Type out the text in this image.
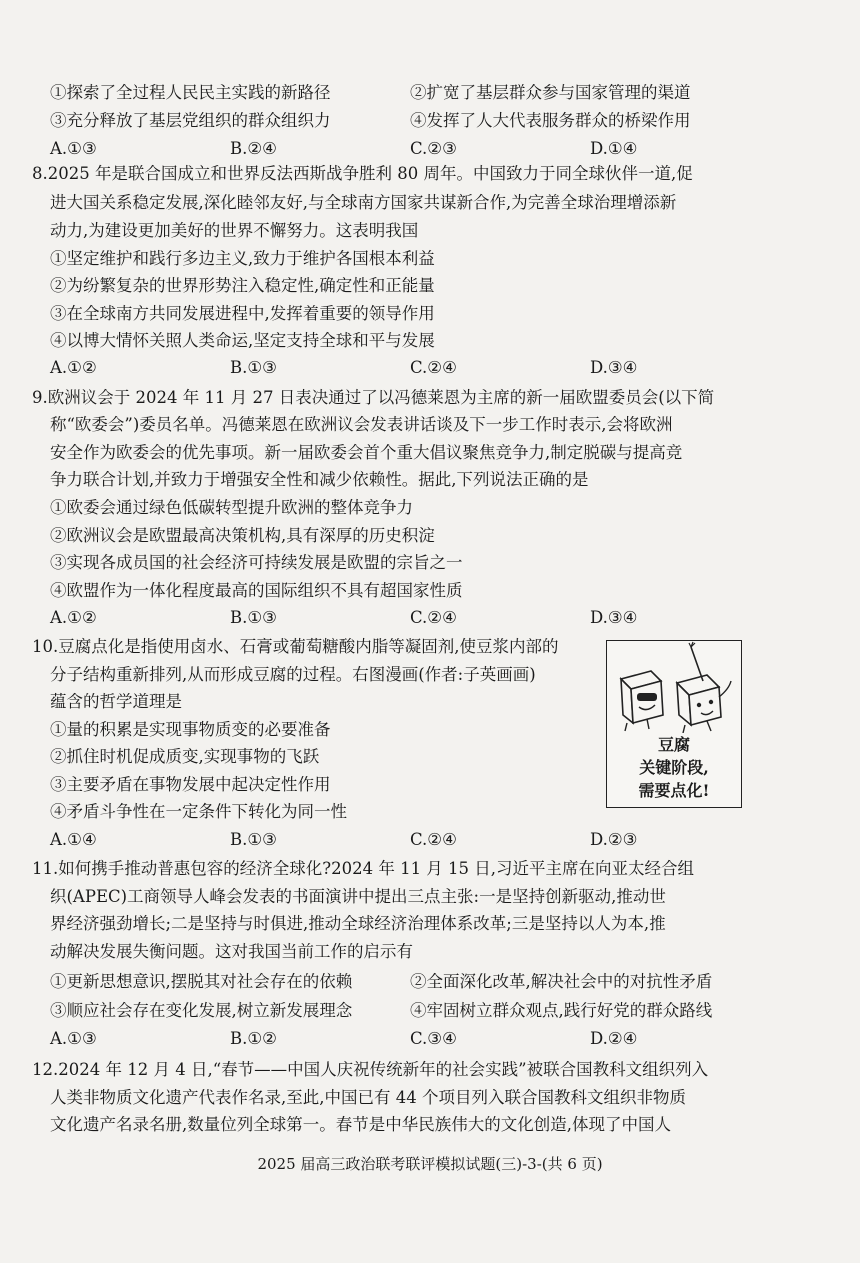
①探索了全过程人民民主实践的新路径	②扩宽了基层群众参与国家管理的渠道
③充分释放了基层党组织的群众组织力	④发挥了人大代表服务群众的桥梁作用
A.①③	B.②④	C.②③	D.①④
8.2025 年是联合国成立和世界反法西斯战争胜利 80 周年。中国致力于同全球伙伴一道,促
进大国关系稳定发展,深化睦邻友好,与全球南方国家共谋新合作,为完善全球治理增添新
动力,为建设更加美好的世界不懈努力。这表明我国
①坚定维护和践行多边主义,致力于维护各国根本利益
②为纷繁复杂的世界形势注入稳定性,确定性和正能量
③在全球南方共同发展进程中,发挥着重要的领导作用
④以博大情怀关照人类命运,坚定支持全球和平与发展
A.①②	B.①③	C.②④	D.③④
9.欧洲议会于 2024 年 11 月 27 日表决通过了以冯德莱恩为主席的新一届欧盟委员会(以下简
称“欧委会”)委员名单。冯德莱恩在欧洲议会发表讲话谈及下一步工作时表示,会将欧洲
安全作为欧委会的优先事项。新一届欧委会首个重大倡议聚焦竞争力,制定脱碳与提高竞
争力联合计划,并致力于增强安全性和减少依赖性。据此,下列说法正确的是
①欧委会通过绿色低碳转型提升欧洲的整体竞争力
②欧洲议会是欧盟最高决策机构,具有深厚的历史积淀
③实现各成员国的社会经济可持续发展是欧盟的宗旨之一
④欧盟作为一体化程度最高的国际组织不具有超国家性质
A.①②	B.①③	C.②④	D.③④
10.豆腐点化是指使用卤水、石膏或葡萄糖酸内脂等凝固剂,使豆浆内部的
分子结构重新排列,从而形成豆腐的过程。右图漫画(作者:子英画画)
蕴含的哲学道理是
①量的积累是实现事物质变的必要准备
②抓住时机促成质变,实现事物的飞跃
③主要矛盾在事物发展中起决定性作用
④矛盾斗争性在一定条件下转化为同一性
A.①④	B.①③	C.②④	D.②③
豆腐
关键阶段,
需要点化!
11.如何携手推动普惠包容的经济全球化?2024 年 11 月 15 日,习近平主席在向亚太经合组
织(APEC)工商领导人峰会发表的书面演讲中提出三点主张:一是坚持创新驱动,推动世
界经济强劲增长;二是坚持与时俱进,推动全球经济治理体系改革;三是坚持以人为本,推
动解决发展失衡问题。这对我国当前工作的启示有
①更新思想意识,摆脱其对社会存在的依赖	②全面深化改革,解决社会中的对抗性矛盾
③顺应社会存在变化发展,树立新发展理念	④牢固树立群众观点,践行好党的群众路线
A.①③	B.①②	C.③④	D.②④
12.2024 年 12 月 4 日,“春节——中国人庆祝传统新年的社会实践”被联合国教科文组织列入
人类非物质文化遗产代表作名录,至此,中国已有 44 个项目列入联合国教科文组织非物质
文化遗产名录名册,数量位列全球第一。春节是中华民族伟大的文化创造,体现了中国人
2025 届高三政治联考联评模拟试题(三)-3-(共 6 页)
